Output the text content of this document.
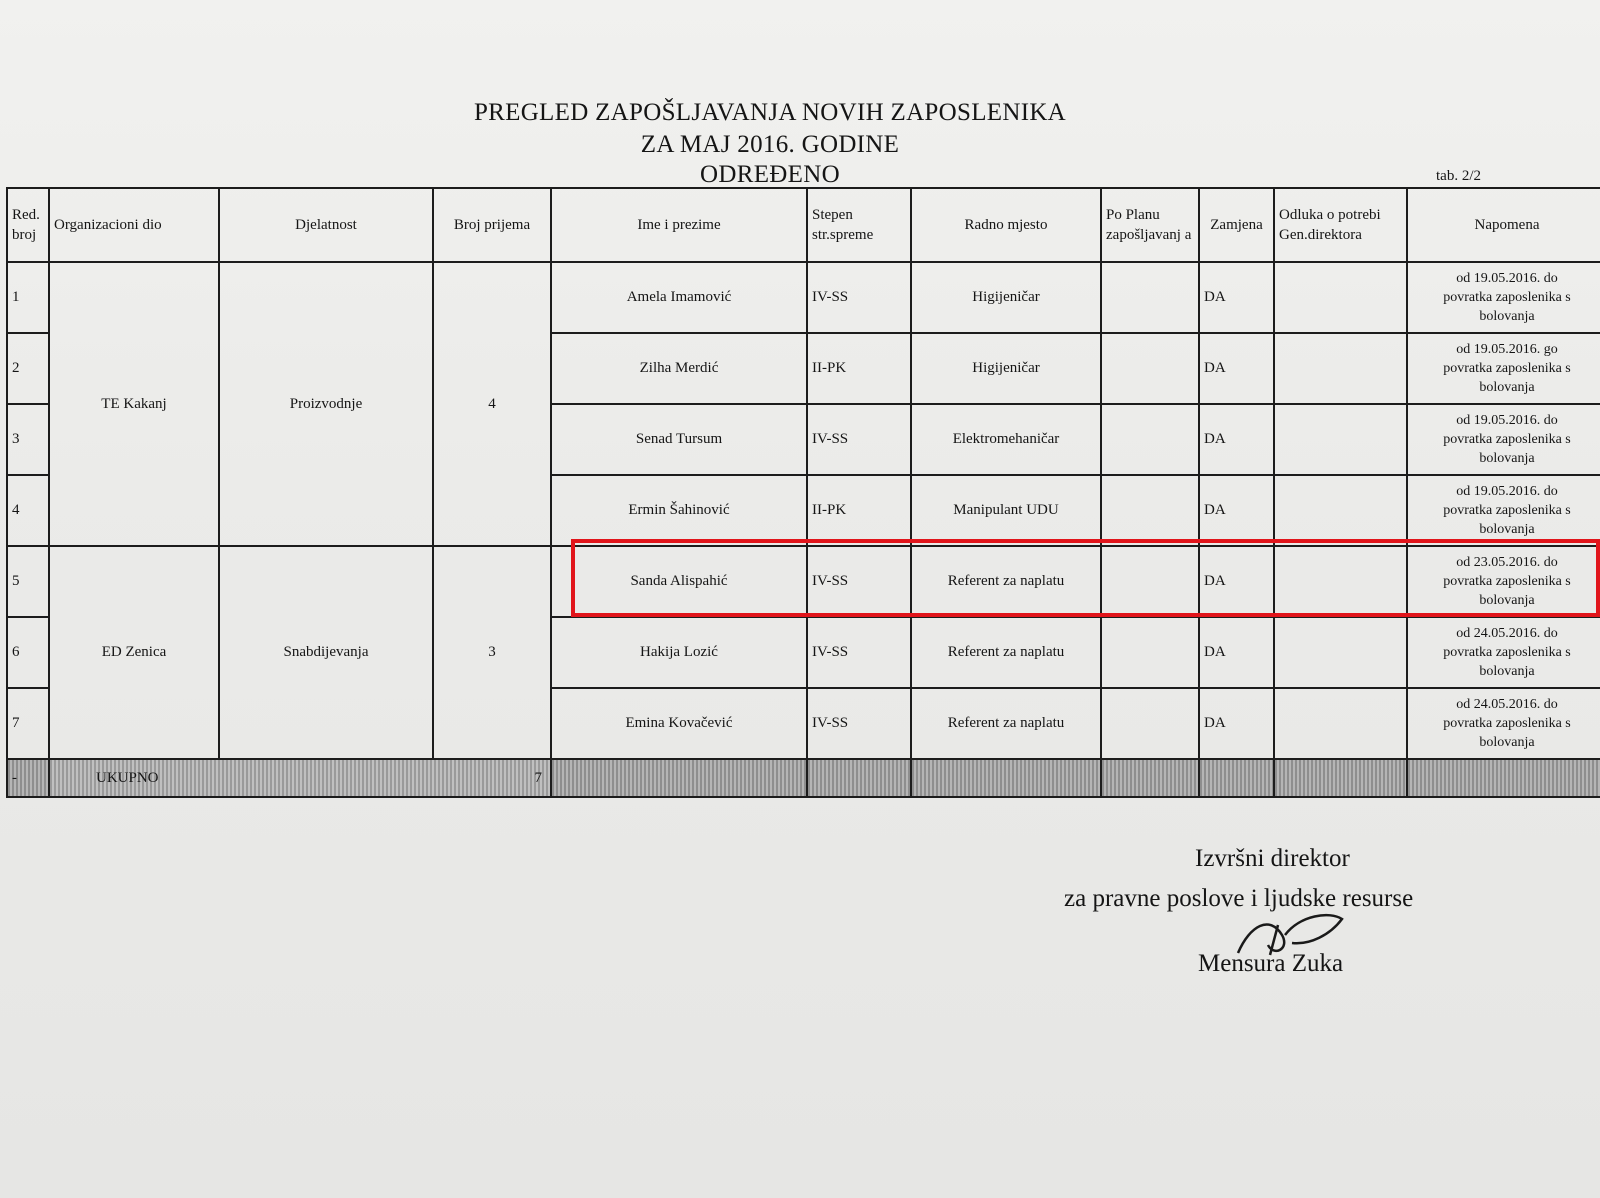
PREGLED ZAPOŠLJAVANJA NOVIH ZAPOSLENIKA
ZA MAJ 2016. GODINE
ODREĐENO	tab. 2/2
Red. broj	Organizacioni dio	Djelatnost	Broj prijema	Ime i prezime	Stepen str.spreme	Radno mjesto	Po Planu zapošljavanj a	Zamjena	Odluka o potrebi Gen.direktora	Napomena
1	TE Kakanj	Proizvodnje	4	Amela Imamović	IV-SS	Higijeničar		DA		od 19.05.2016. do
povratka zaposlenika s
bolovanja
2				Zilha Merdić	II-PK	Higijeničar		DA		od 19.05.2016. go
povratka zaposlenika s
bolovanja
3				Senad Tursum	IV-SS	Elektromehaničar		DA		od 19.05.2016. do
povratka zaposlenika s
bolovanja
4				Ermin Šahinović	II-PK	Manipulant UDU		DA		od 19.05.2016. do
povratka zaposlenika s
bolovanja
5	ED Zenica	Snabdijevanja	3	Sanda Alispahić	IV-SS	Referent za naplatu		DA		od 23.05.2016. do
povratka zaposlenika s
bolovanja
6				Hakija Lozić	IV-SS	Referent za naplatu		DA		od 24.05.2016. do
povratka zaposlenika s
bolovanja
7				Emina Kovačević	IV-SS	Referent za naplatu		DA		od 24.05.2016. do
povratka zaposlenika s
bolovanja
-	UKUPNO 7									

Izvršni direktor
za pravne poslove i ljudske resurse
Mensura Zuka
